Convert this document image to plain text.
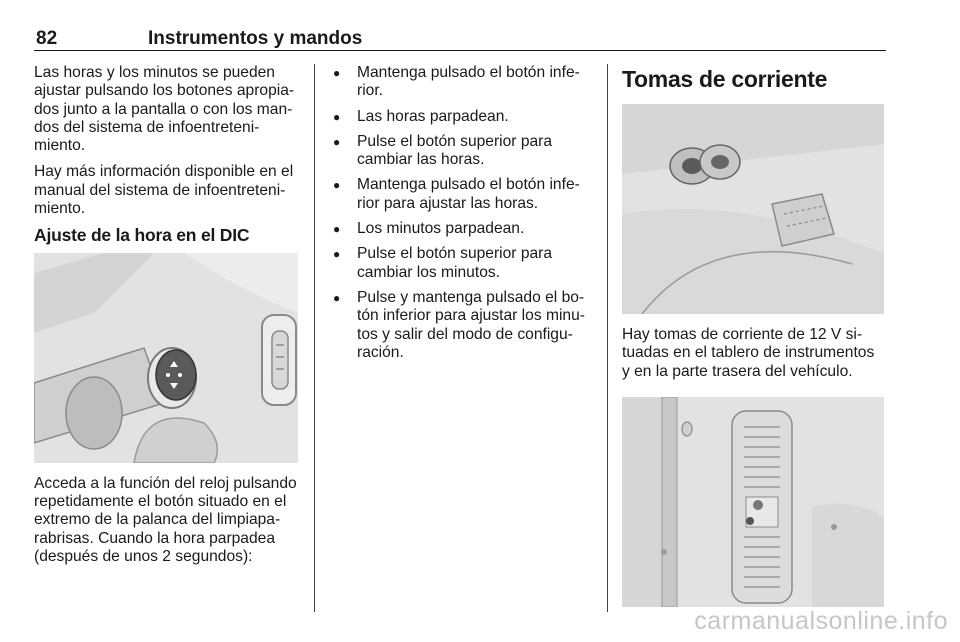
82	Instrumentos y mandos

Las horas y los minutos se pueden ajustar pulsando los botones apropia-dos junto a la pantalla o con los man-dos del sistema de infoentreteni-miento.

Hay más información disponible en el manual del sistema de infoentreteni-miento.

Ajuste de la hora en el DIC

Acceda a la función del reloj pulsando repetidamente el botón situado en el extremo de la palanca del limpiapa-rabrisas. Cuando la hora parpadea (después de unos 2 segundos):

● Mantenga pulsado el botón infe-rior.
● Las horas parpadean.
● Pulse el botón superior para cambiar las horas.
● Mantenga pulsado el botón infe-rior para ajustar las horas.
● Los minutos parpadean.
● Pulse el botón superior para cambiar los minutos.
● Pulse y mantenga pulsado el bo-tón inferior para ajustar los minu-tos y salir del modo de configu-ración.
Tomas de corriente

Hay tomas de corriente de 12 V si-tuadas en el tablero de instrumentos y en la parte trasera del vehículo.

carmanualsonline.info
